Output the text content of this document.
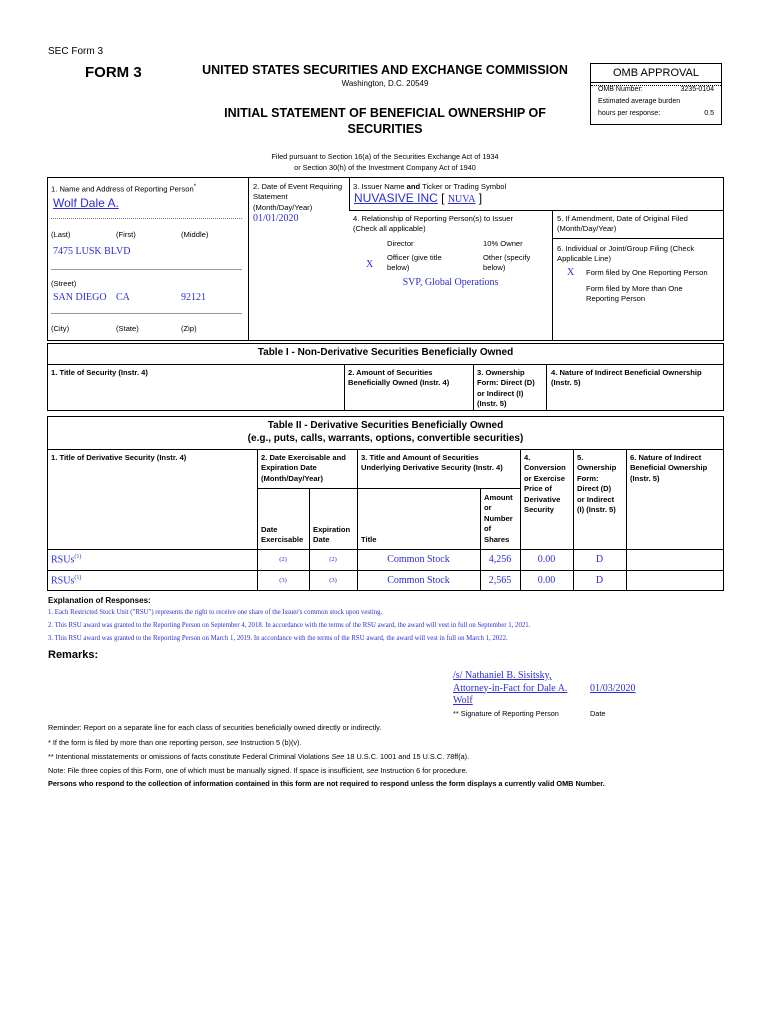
SEC Form 3
FORM 3	UNITED STATES SECURITIES AND EXCHANGE COMMISSION
Washington, D.C. 20549
INITIAL STATEMENT OF BENEFICIAL OWNERSHIP OF
SECURITIES
OMB APPROVAL
OMB Number:	3235-0104
Estimated average burden
hours per response:	0.5
Filed pursuant to Section 16(a) of the Securities Exchange Act of 1934
or Section 30(h) of the Investment Company Act of 1940
1. Name and Address of Reporting Person*
Wolf Dale A.
(Last)	(First)	(Middle)
7475 LUSK BLVD
(Street)
SAN DIEGO CA	92121
(City)	(State)	(Zip)
2. Date of Event Requiring
Statement
(Month/Day/Year)
01/01/2020
3. Issuer Name and Ticker or Trading Symbol
NUVASIVE INC [ NUVA ]
4. Relationship of Reporting Person(s) to Issuer
(Check all applicable)
Director	10% Owner
X
Officer (give title
below)
Other (specify
below)
SVP, Global Operations
5. If Amendment, Date of Original Filed
(Month/Day/Year)
6. Individual or Joint/Group Filing (Check
Applicable Line)
X Form filed by One Reporting Person
Form filed by More than One
Reporting Person
Table I - Non-Derivative Securities Beneficially Owned
1. Title of Security (Instr. 4)	2. Amount of Securities
Beneficially Owned (Instr. 4)
3. Ownership
Form: Direct (D)
or Indirect (I)
(Instr. 5)
4. Nature of Indirect Beneficial Ownership
(Instr. 5)
Table II - Derivative Securities Beneficially Owned
(e.g., puts, calls, warrants, options, convertible securities)
1. Title of Derivative Security (Instr. 4)	2. Date Exercisable and
Expiration Date
(Month/Day/Year)
3. Title and Amount of Securities
Underlying Derivative Security (Instr. 4)
4.
Conversion
or Exercise
Price of
Derivative
Security
5.
Ownership
Form:
Direct (D)
or Indirect
(I) (Instr. 5)
6. Nature of Indirect
Beneficial Ownership
(Instr. 5)
Date
Exercisable
Expiration
Date	Title
Amount
or
Number
of
Shares
RSUs$^{(1)}$	(2)	(2)	Common Stock	4,256	0.00	D
RSUs$^{(1)}$	(3)	(3)	Common Stock	2,565	0.00	D
Explanation of Responses:
1. Each Restricted Stock Unit ("RSU") represents the right to receive one share of the Issuer's common stock upon vesting.
2. This RSU award was granted to the Reporting Person on September 4, 2018. In accordance with the terms of the RSU award, the award will vest in full on September 1, 2021.
3. This RSU award was granted to the Reporting Person on March 1, 2019. In accordance with the terms of the RSU award, the award will vest in full on March 1, 2022.
Remarks:
/s/ Nathaniel B. Sisitsky,
Attorney-in-Fact for Dale A.
Wolf
01/03/2020
** Signature of Reporting Person	Date
Reminder: Report on a separate line for each class of securities beneficially owned directly or indirectly.
* If the form is filed by more than one reporting person, see Instruction 5 (b)(v).
** Intentional misstatements or omissions of facts constitute Federal Criminal Violations See 18 U.S.C. 1001 and 15 U.S.C. 78ff(a).
Note: File three copies of this Form, one of which must be manually signed. If space is insufficient, see Instruction 6 for procedure.
Persons who respond to the collection of information contained in this form are not required to respond unless the form displays a currently valid OMB Number.
